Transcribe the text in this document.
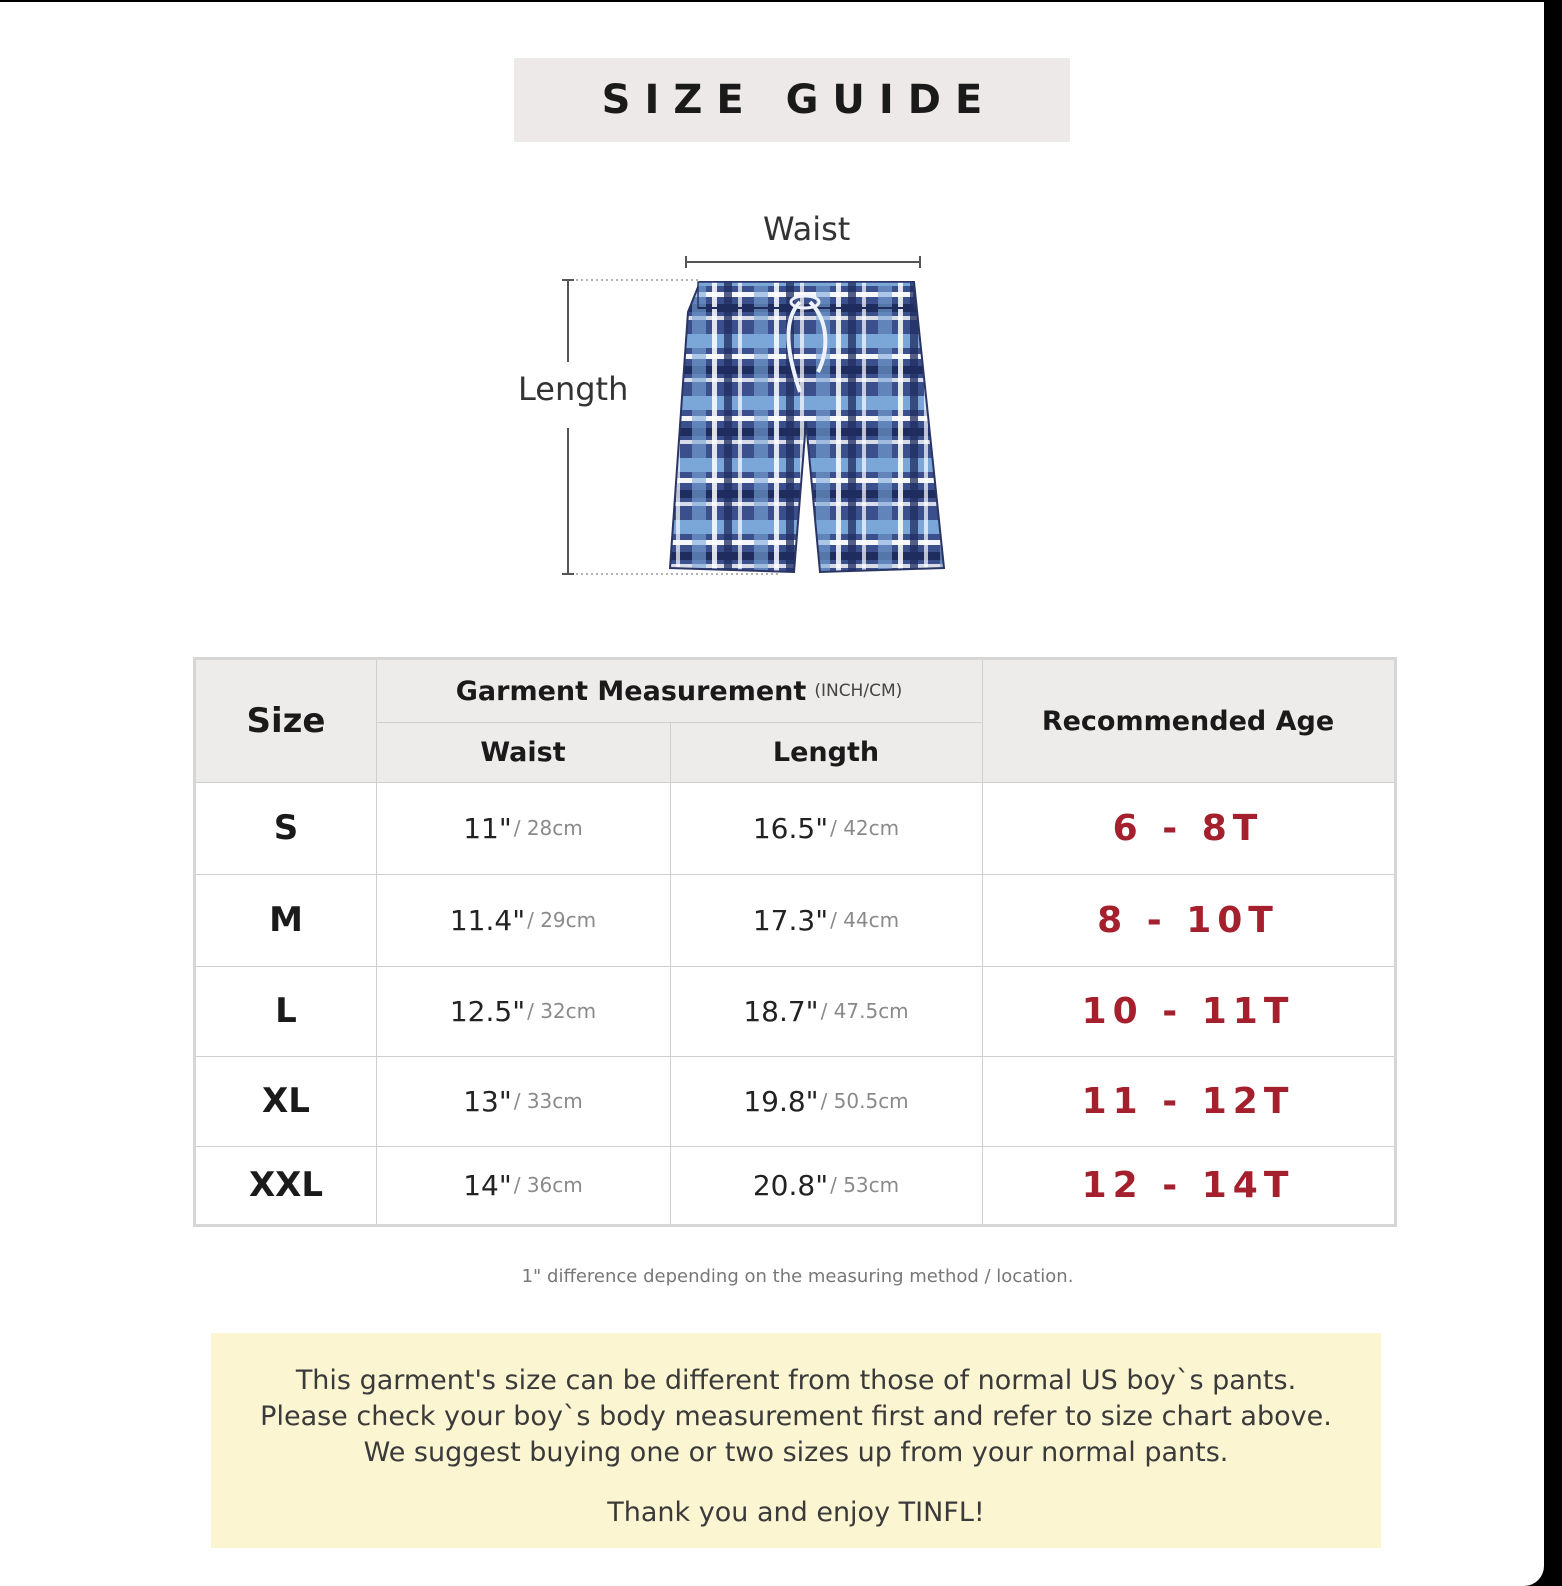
SIZE GUIDE
Waist
Length
Size
Garment Measurement (INCH/CM)
Waist	Length
Recommended Age
S	11" / 28cm	16.5" / 42cm	6 - 8T
M	11.4" / 29cm	17.3" / 44cm	8 - 10T
L	12.5" / 32cm	18.7" / 47.5cm	10 - 11T
XL	13" / 33cm	19.8" / 50.5cm	11 - 12T
XXL	14" / 36cm	20.8" / 53cm	12 - 14T
1" difference depending on the measuring method / location.

This garment's size can be different from those of normal US boy`s pants.

Please check your boy`s body measurement first and refer to size chart above.

We suggest buying one or two sizes up from your normal pants.

Thank you and enjoy TINFL!
